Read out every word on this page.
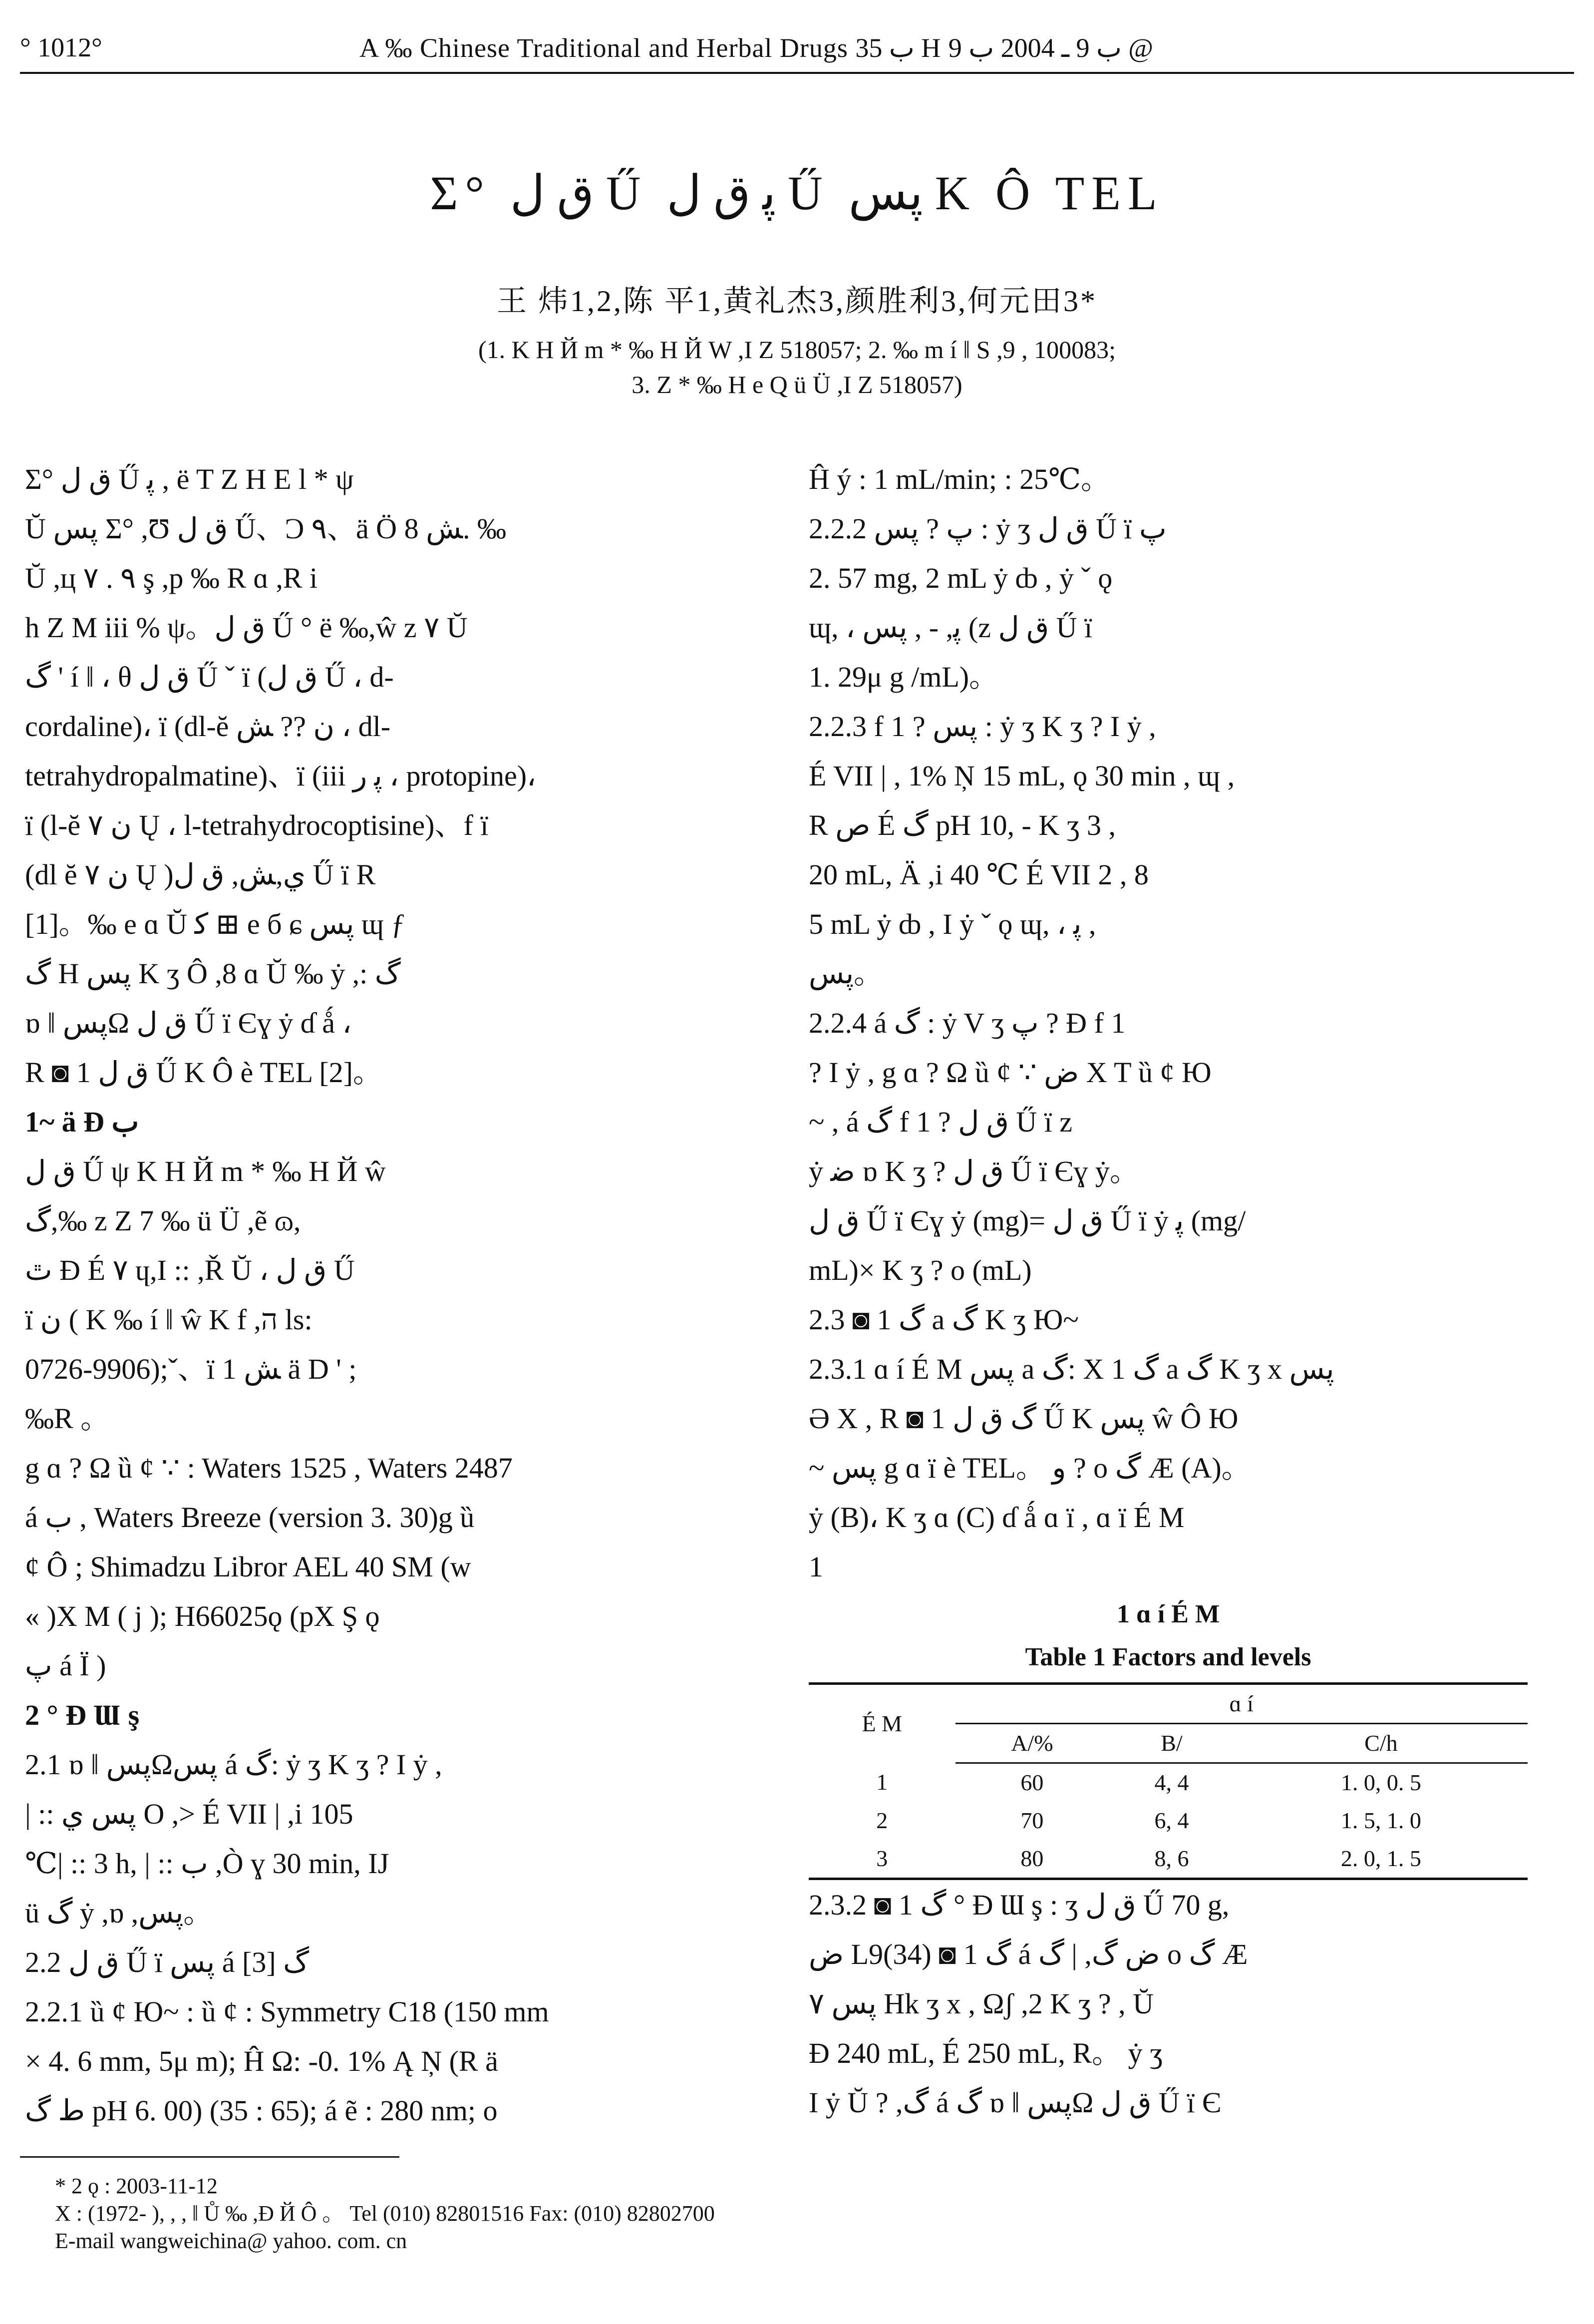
° 1012°	A ‰ Chinese Traditional and Herbal Drugs ب 35 H ب 9 ـ 2004 ب 9 @
Σ° ق ﻝ Ű ﭘ ق ﻝ Ű ﭘﺲ K Ô TEL
王 炜1,2,陈 平1,黄礼杰3,颜胜利3,何元田3*
(1. K H Й m * ‰ H Й W ,I Z 518057; 2. ‰ m í ‖ S ,9 , 100083;
3. Z * ‰ H e Q ü Ü ,I Z 518057)

Σ° ق ﻝ Ű ﭘ , ë T Z H E l * ψ

Ŭ ﭘﺲ Σ° ,Ʊ ق ﻝ Ű、Ɔ ٩、ä Ö ﺶ 8. ‰

Ŭ ,ц ٩ . ٧ ş ,p ‰ R ɑ ,R i

h Z M iii % ψ。ق ﻝ Ű ° ë ‰,ŵ z ٧ Ŭ

ﮒ ' í ‖ ، θ ق ﻝ Ű ˇ ï (ق ﻝ Ű ، d-

cordaline)، ï (dl-ĕ ن ?? ﺶ ، dl-

tetrahydropalmatine)、ï (iii ﭘ ر ، protopine)،

ï (l-ĕ ن ٧ Ų ، l-tetrahydrocoptisine)、f ï

(dl ĕ ن ٧ Ų )ي,ﺶ, ق ﻝ Ű ï R

[1]。‰ e ɑ Ŭ ﮐ ⊞ e б ɕ ﭘﺲ ɰ ƒ

ﮒ H ﭘﺲ K ʒ Ô ,8 ɑ Ŭ ‰ ẏ ,: ﮒ

ɒ ‖ ﭘﺲΩ ق ﻝ Ű ï Єɣ ẏ ɗ ǻ ،

R ◙ 1 ق ﻝ Ű K Ô è TEL [2]。

1~ ä Ɖ ب

ق ﻝ Ű ψ K H Й m * ‰ H Й ŵ

ﮒ,‰ z Z 7 ‰ ü Ü ,ẽ ɷ,

ﭢ Ɖ É ٧ ɥ,I :: ,Ř Ŭ ، ق ﻝ Ű

ï ن ( K ‰ í ‖ ŵ K f ,ה ls:

0726-9906);ˇ、ï ﺶ 1 ä D ' ;

‰R 。

g ɑ ? Ω ȕ ȼ ∵ : Waters 1525 , Waters 2487

á ب , Waters Breeze (version 3. 30)g ȕ

ȼ Ô ; Shimadzu Libror AEL 40 SM (w

« )X M ( j ); H66025ǫ (pX Ş ǫ

ﭖ á Ï )

2 ° Ɖ Ɯ ş

2.1 ɒ ‖ ﭘﺲΩﭘﺲ á ﮒ: ẏ ʒ K ʒ ? I ẏ ,

| :: ﭘﺲ ي O ,> É VII | ,i 105

℃| :: 3 h, | :: ب ,Ò ɣ 30 min, IJ

ü ﮒ ẏ ,ɒ ,ﭘﺲ。

2.2 ق ﻝ Ű ï ﭘﺲ á ﮒ [3]

2.2.1 ȕ ȼ Ю~ : ȕ ȼ : Symmetry C18 (150 mm

× 4. 6 mm, 5μ m); Ĥ Ω: -0. 1% Ą Ņ (R ä

ﻁ ﮒ pH 6. 00) (35 : 65); á ẽ : 280 nm; o

Ĥ ý : 1 mL/min; : 25℃。

2.2.2 ﭖ ? ﭘﺲ : ẏ ʒ ق ﻝ Ű ï ﭖ

2. 57 mg, 2 mL ẏ ȸ , ẏ ˇ ǫ

ɰ, ، ﭘ, - , ﭘﺲ (z ق ﻝ Ű ï

1. 29μ g /mL)。

2.2.3 f 1 ? ﭘﺲ : ẏ ʒ K ʒ ? I ẏ ,

É VII | , 1% Ņ 15 mL, ǫ 30 min , ɰ ,

R ﺹ É ﮒ pH 10, - K ʒ 3 ,

20 mL, Ä ,i 40 ℃ É VII 2 , 8

5 mL ẏ ȸ , I ẏ ˇ ǫ ɰ, ، ﭘ ,

ﭘﺲ。

2.2.4 á ﮒ : ẏ V ʒ ﭖ ? Ɖ f 1

? I ẏ , g ɑ ? Ω ȕ ȼ ∵ ﺽ X T ȕ ȼ Ю

~ , á ﮒ f 1 ? ق ﻝ Ű ï z

ẏ ﺿ ɒ K ʒ ? ق ﻝ Ű ï Єɣ ẏ。

ق ﻝ Ű ï Єɣ ẏ (mg)= ق ﻝ Ű ï ẏ ﭘ (mg/

mL)× K ʒ ? o (mL)

2.3 ◙ 1 ﮒ a ﮒ K ʒ Ю~

2.3.1 ɑ í É M ﭘﺲ a ﮒ: X 1 ﮒ a ﮒ K ʒ x ﭘﺲ

Ə X , R ◙ 1 ﮒ ق ﻝ Ű K ﭘﺲ ŵ Ô Ю

~ ﭘﺲ g ɑ ï è TEL。 و ? o ﮒ Æ (A)。

ẏ (B)، K ʒ ɑ (C) ɗ ǻ ɑ ï , ɑ ï É M

1

1 ɑ í É M
Table 1 Factors and levels
É M	ɑ í		
	A/%	B/	C/h
1	60	4, 4	1. 0, 0. 5
2	70	6, 4	1. 5, 1. 0
3	80	8, 6	2. 0, 1. 5

2.3.2 ◙ 1 ﮒ ° Ɖ Ɯ ş : ʒ ق ﻝ Ű 70 g,

ﺽ L9(34) ◙ 1 ﮒ á ﺽ ﮒ, | ﮒ o ﮒ Æ

ﭘﺲ ٧ Hk ʒ x , Ωʃ ,2 K ʒ ? , Ŭ

Ð 240 mL, É 250 mL, R。 ẏ ʒ

I ẏ Ŭ ? ,ﮒ á ﮒ ɒ ‖ ﭘﺲΩ ق ﻝ Ű ï Є

* 2 ǫ : 2003-11-12

X : (1972- ), , , ‖ Ů ‰ ,Ɖ Й Ô 。 Tel (010) 82801516 Fax: (010) 82802700

E-mail wangweichina@ yahoo. com. cn
